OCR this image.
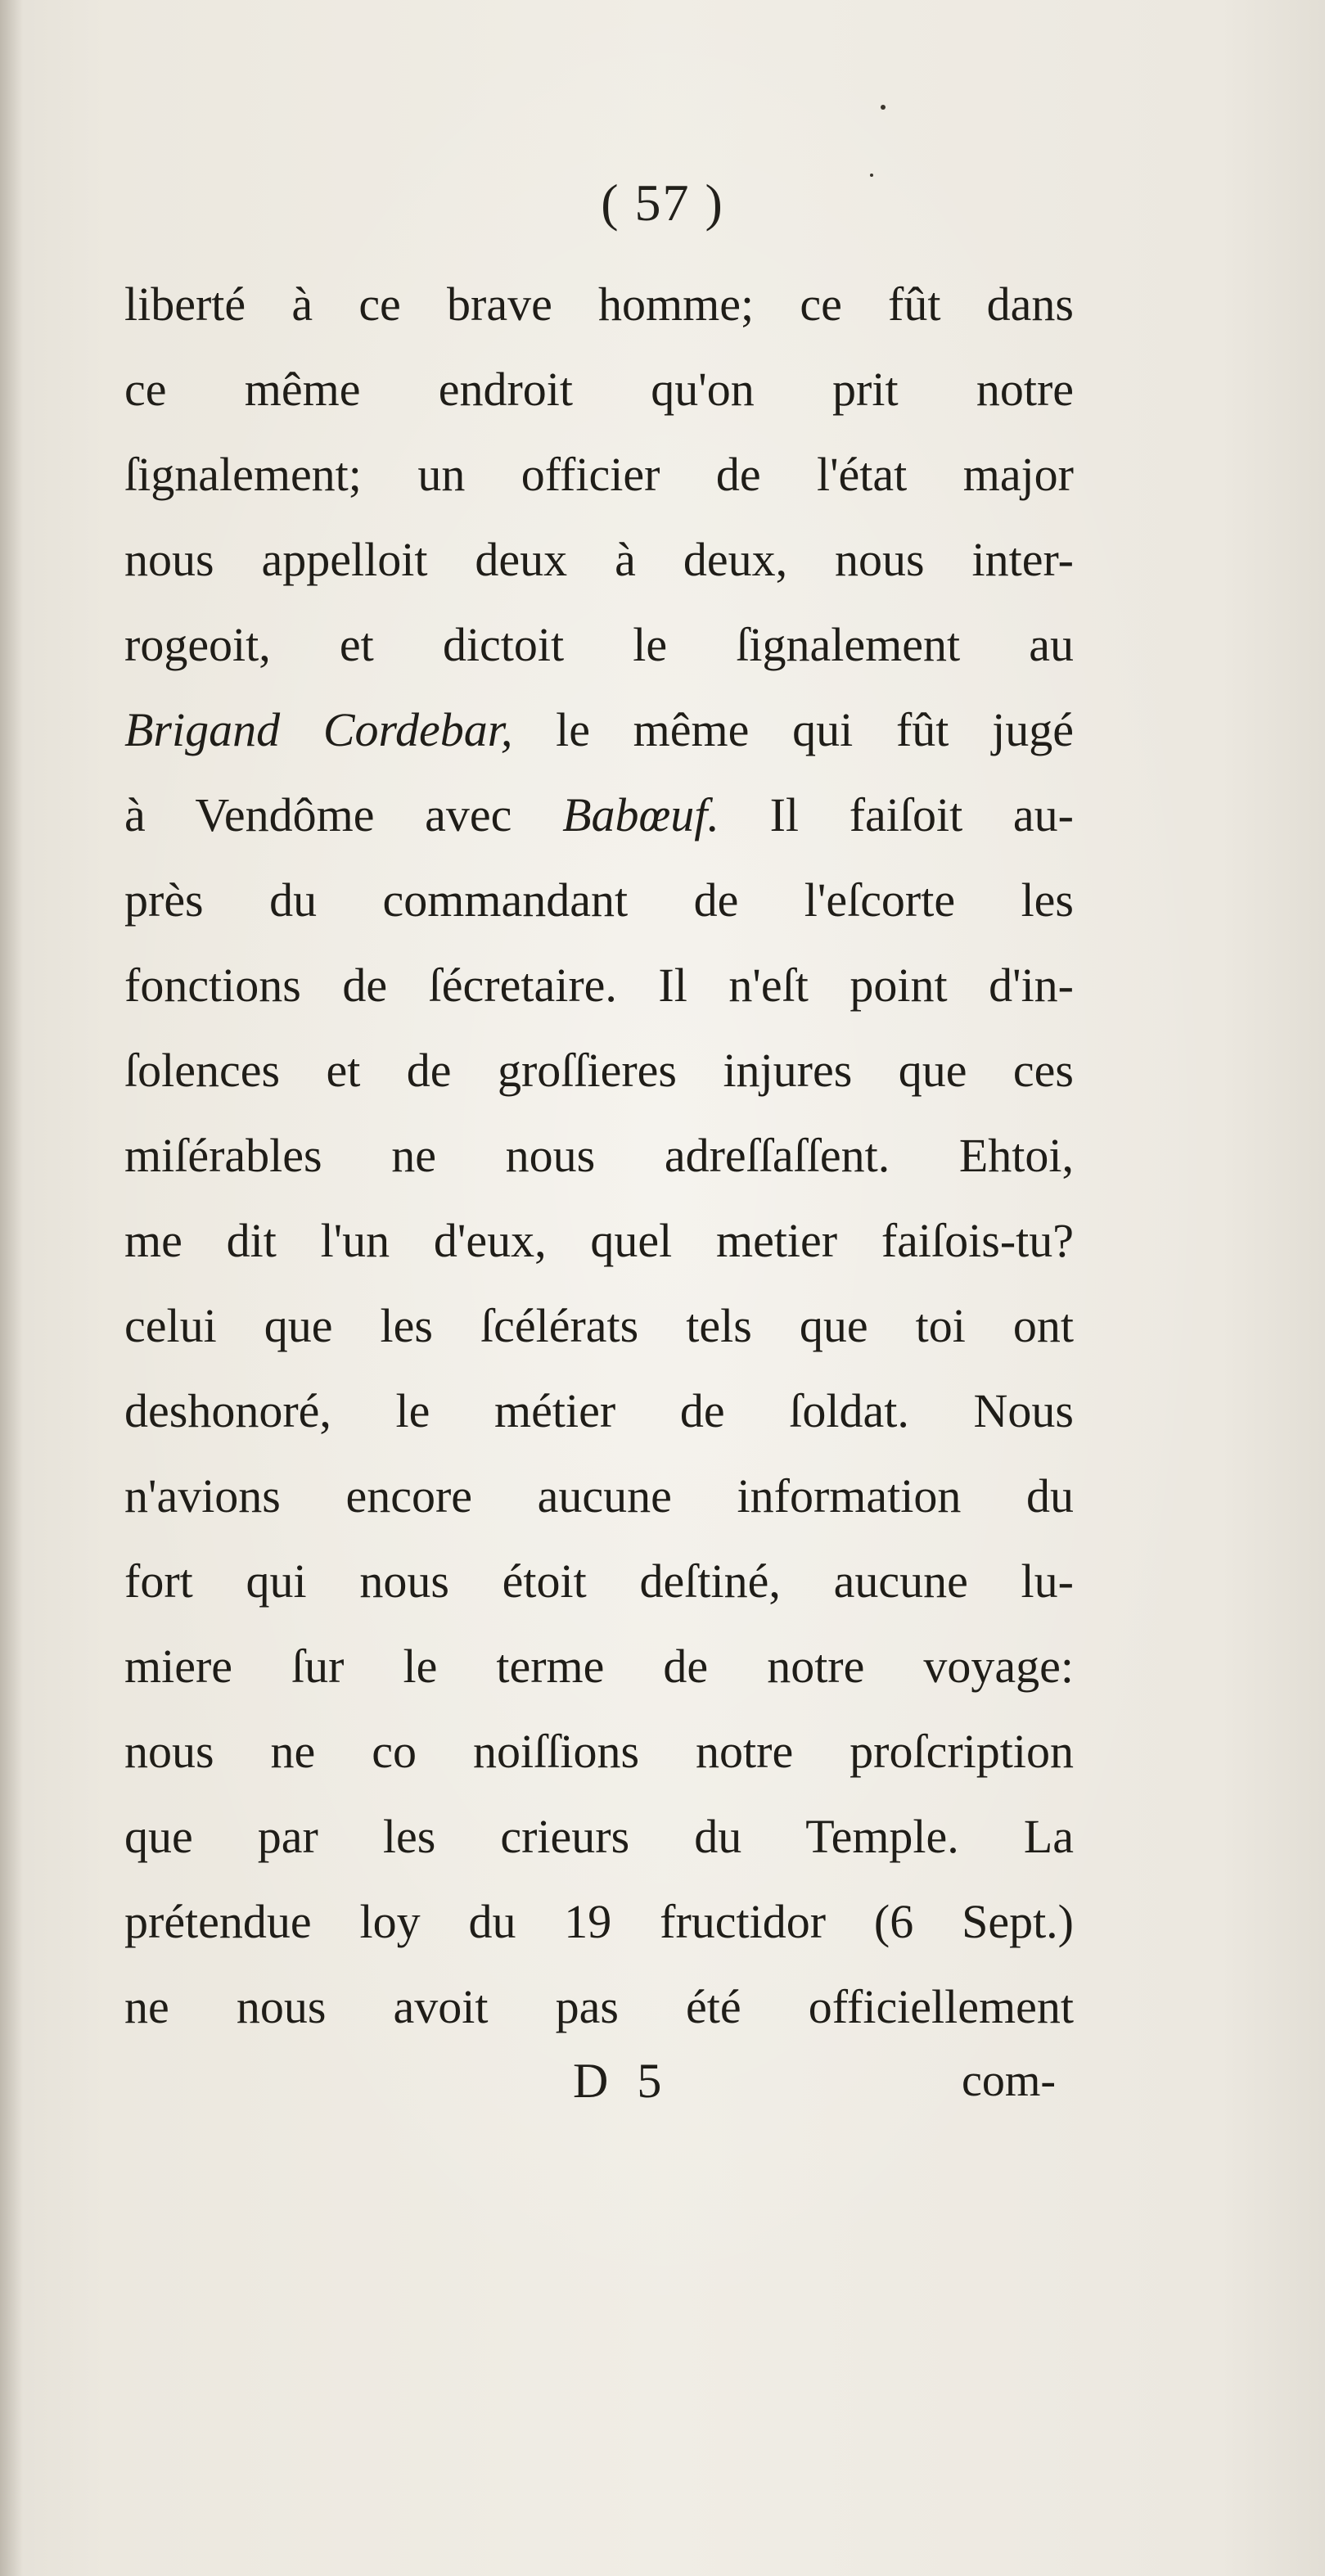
( 57 )
liberté à ce brave homme; ce fût dans
ce même endroit qu'on prit notre
ſignalement; un officier de l'état major
nous appelloit deux à deux, nous inter-
rogeoit, et dictoit le ſignalement au
Brigand Cordebar, le même qui fût jugé
à Vendôme avec Babœuf. Il faiſoit au-
près du commandant de l'eſcorte les
fonctions de ſécretaire. Il n'eſt point d'in-
ſolences et de groſſieres injures que ces
miſérables ne nous adreſſaſſent. Ehtoi,
me dit l'un d'eux, quel metier faiſois-tu?
celui que les ſcélérats tels que toi ont
deshonoré, le métier de ſoldat. Nous
n'avions encore aucune information du
fort qui nous étoit deſtiné, aucune lu-
miere ſur le terme de notre voyage:
nous ne co noiſſions notre proſcription
que par les crieurs du Temple. La
prétendue loy du 19 fructidor (6 Sept.)
ne nous avoit pas été officiellement
D 5	com-
